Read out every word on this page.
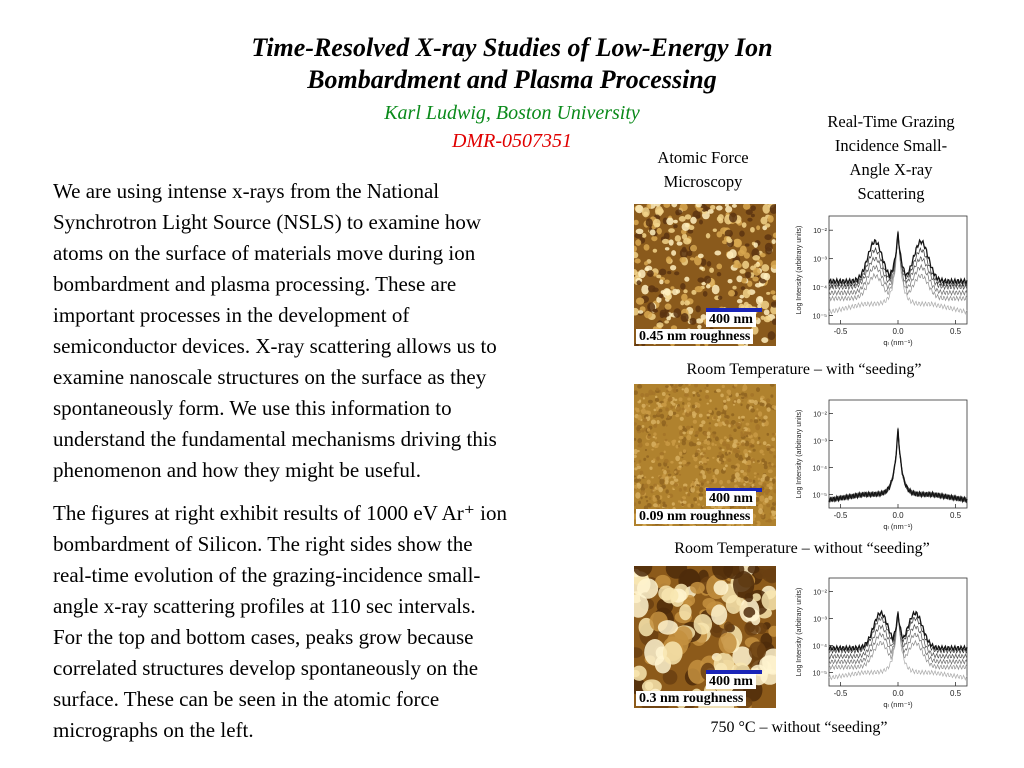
Time-Resolved X-ray Studies of Low-Energy Ion
Bombardment and Plasma Processing
Karl Ludwig, Boston University
DMR-0507351
We are using intense x-rays from the National
Synchrotron Light Source (NSLS) to examine how
atoms on the surface of materials move during ion
bombardment and plasma processing. These are
important processes in the development of
semiconductor devices. X-ray scattering allows us to
examine nanoscale structures on the surface as they
spontaneously form. We use this information to
understand the fundamental mechanisms driving this
phenomenon and how they might be useful.
The figures at right exhibit results of 1000 eV Ar⁺ ion
bombardment of Silicon. The right sides show the
real-time evolution of the grazing-incidence small-
angle x-ray scattering profiles at 110 sec intervals.
For the top and bottom cases, peaks grow because
correlated structures develop spontaneously on the
surface. These can be seen in the atomic force
micrographs on the left.
Atomic Force
Microscopy
Real-Time Grazing
Incidence Small-
Angle X-ray
Scattering
400 nm
0.45 nm roughness
Room Temperature – with “seeding”
400 nm
0.09 nm roughness
Room Temperature – without “seeding”
400 nm
0.3 nm roughness
750 °C – without “seeding”
10⁻⁵
10⁻⁴
10⁻³
10⁻²
-0.5	0.0	0.5
qₗ (nm⁻¹)
Log Intensity (arbitrary units)
10⁻⁵
10⁻⁴
10⁻³
10⁻²
-0.5	0.0	0.5
qₗ (nm⁻¹)
Log Intensity (arbitrary units)
10⁻⁵
10⁻⁴
10⁻³
10⁻²
-0.5	0.0	0.5
qₗ (nm⁻¹)
Log Intensity (arbitrary units)
